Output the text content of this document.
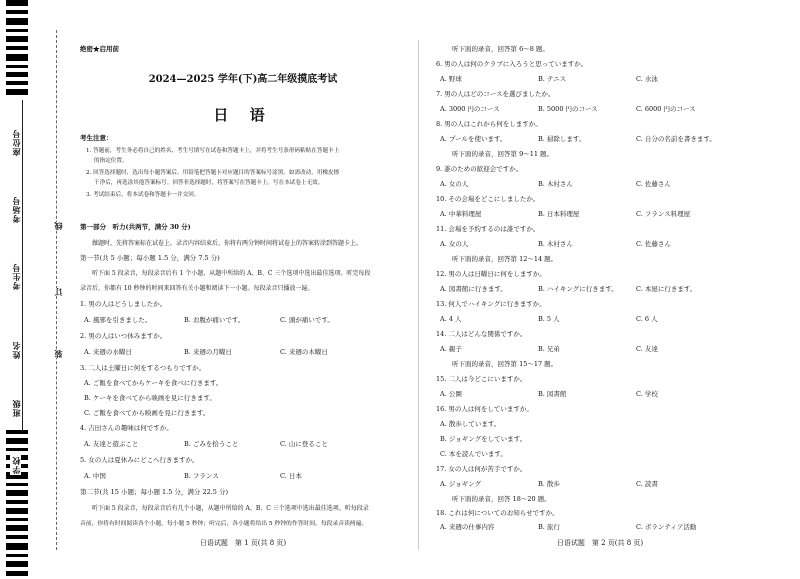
座位号
考场号
考生号
姓名
班级
学校
线
订
装
绝密★启用前
2024—2025 学年(下)高二年级摸底考试
日 语
考生注意：
1. 答题前，考生务必将自己的姓名、考生号填写在试卷和答题卡上，并将考生号条形码粘贴在答题卡上
的指定位置。
2. 回答选择题时，选出每小题答案后，用铅笔把答题卡对应题目的答案标号涂黑。如需改动，用橡皮擦
干净后，再选涂其他答案标号。回答非选择题时，将答案写在答题卡上。写在本试卷上无效。
3. 考试结束后，将本试卷和答题卡一并交回。
第一部分　听力(共两节，满分 30 分)
做题时，先将答案标在试卷上。录音内容结束后，你将有两分钟时间将试卷上的答案转涂到答题卡上。
第一节(共 5 小题；每小题 1.5 分，满分 7.5 分)
听下面 5 段录音，每段录音后有 1 个小题，从题中所给的 A、B、C 三个选项中选出最佳选项。听完每段
录音后，你都有 10 秒钟的时间来回答有关小题和阅读下一小题。每段录音只播放一遍。
1. 男の人はどうしましたか。
A. 風邪を引きました。	B. お腹が痛いです。	C. 頭が痛いです。
2. 男の人はいつ休みますか。
A. 来週の水曜日	B. 来週の月曜日	C. 来週の木曜日
3. 二人は土曜日に何をするつもりですか。
A. ご飯を食べてからケーキを食べに行きます。
B. ケーキを食べてから映画を見に行きます。
C. ご飯を食べてから映画を見に行きます。
4. 吉田さんの趣味は何ですか。
A. 友達と遊ぶこと	B. ごみを拾うこと	C. 山に登ること
5. 女の人は夏休みにどこへ行きますか。
A. 中国	B. フランス	C. 日本
第二节(共 15 小题；每小题 1.5 分，满分 22.5 分)
听下面 5 段录音，每段录音后有几个小题，从题中所给的 A、B、C 三个选项中选出最佳选项。听每段录
音前，你将有时间阅读各个小题，每小题 5 秒钟；听完后，各小题将给出 5 秒钟的作答时间。每段录音读两遍。
日语试题　第 1 页(共 8 页)
听下面的录音，回答第 6～8 题。
6. 男の人は何のクラブに入ろうと思っていますか。
A. 野球	B. テニス	C. 水泳
7. 男の人はどのコースを選びましたか。
A. 3000 円のコース	B. 5000 円のコース	C. 6000 円のコース
8. 男の人はこれから何をしますか。
A. プールを使います。	B. 掃除します。	C. 自分の名前を書きます。
听下面的录音，回答第 9～11 题。
9. 誰のための歓迎会ですか。
A. 女の人	B. 木村さん	C. 佐藤さん
10. その会場をどこにしましたか。
A. 中華料理屋	B. 日本料理屋	C. フランス料理屋
11. 会場を予約するのは誰ですか。
A. 女の人	B. 木村さん	C. 佐藤さん
听下面的录音，回答第 12～14 题。
12. 男の人は日曜日に何をしますか。
A. 図書館に行きます。	B. ハイキングに行きます。	C. 本屋に行きます。
13. 何人でハイキングに行きますか。
A. 4 人	B. 5 人	C. 6 人
14. 二人はどんな関係ですか。
A. 親子	B. 兄弟	C. 友達
听下面的录音，回答第 15～17 题。
15. 二人は今どこにいますか。
A. 公園	B. 図書館	C. 学校
16. 男の人は何をしていますか。
A. 散歩しています。
B. ジョギングをしています。
C. 本を読んでいます。
17. 女の人は何が苦手ですか。
A. ジョギング	B. 散歩	C. 読書
听下面的录音，回答 18～20 题。
18. これは何についてのお知らせですか。
A. 来週の仕事内容	B. 旅行	C. ボランティア活動
日语试题　第 2 页(共 8 页)
